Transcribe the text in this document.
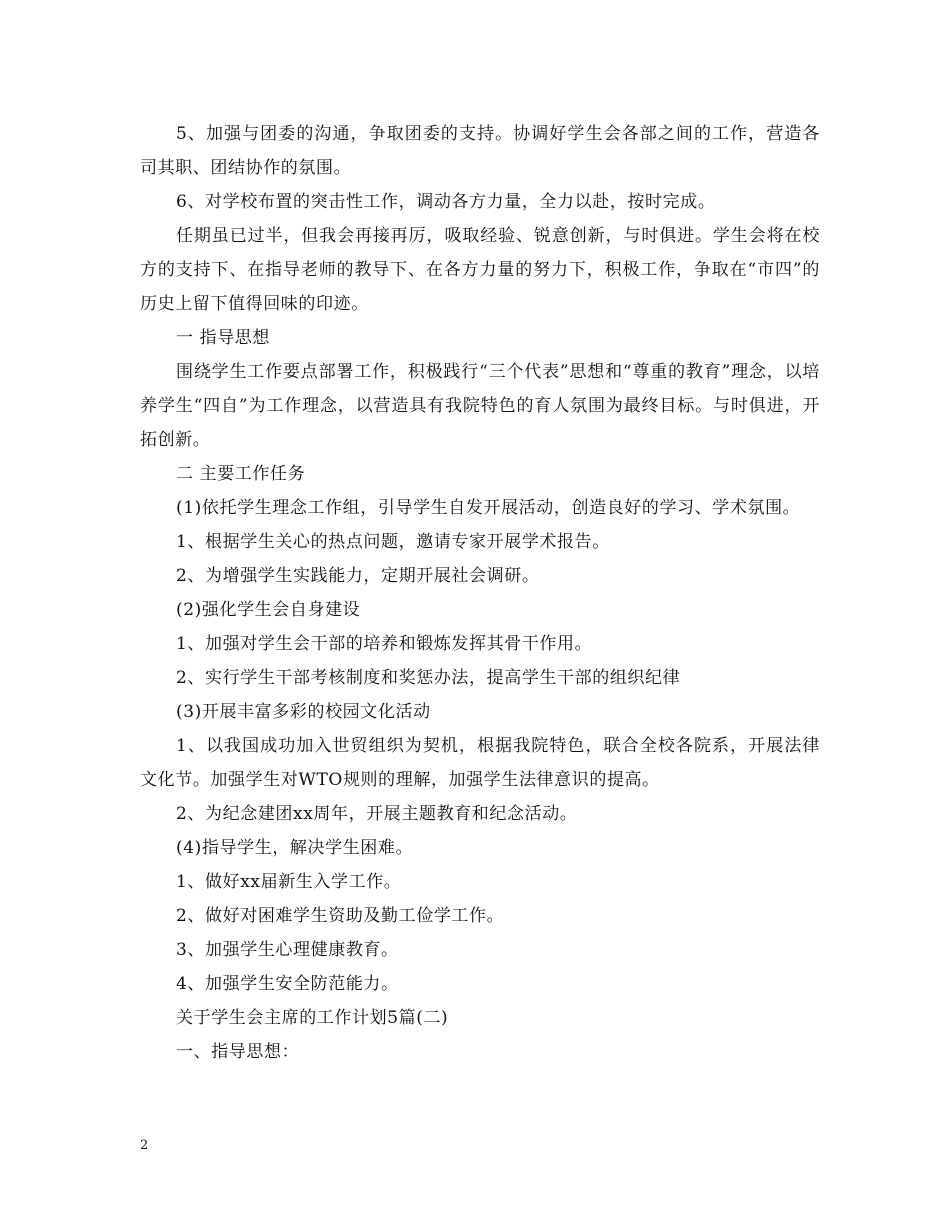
5、加强与团委的沟通，争取团委的支持。协调好学生会各部之间的工作，营造各司其职、团结协作的氛围。

6、对学校布置的突击性工作，调动各方力量，全力以赴，按时完成。

任期虽已过半，但我会再接再厉，吸取经验、锐意创新，与时俱进。学生会将在校方的支持下、在指导老师的教导下、在各方力量的努力下，积极工作，争取在“市四”的历史上留下值得回味的印迹。

一 指导思想

围绕学生工作要点部署工作，积极践行“三个代表”思想和“尊重的教育”理念，以培养学生“四自”为工作理念，以营造具有我院特色的育人氛围为最终目标。与时俱进，开拓创新。

二 主要工作任务

(1)依托学生理念工作组，引导学生自发开展活动，创造良好的学习、学术氛围。

1、根据学生关心的热点问题，邀请专家开展学术报告。

2、为增强学生实践能力，定期开展社会调研。

(2)强化学生会自身建设

1、加强对学生会干部的培养和锻炼发挥其骨干作用。

2、实行学生干部考核制度和奖惩办法，提高学生干部的组织纪律

(3)开展丰富多彩的校园文化活动

1、以我国成功加入世贸组织为契机，根据我院特色，联合全校各院系，开展法律文化节。加强学生对WTO规则的理解，加强学生法律意识的提高。

2、为纪念建团xx周年，开展主题教育和纪念活动。

(4)指导学生，解决学生困难。

1、做好xx届新生入学工作。

2、做好对困难学生资助及勤工俭学工作。

3、加强学生心理健康教育。

4、加强学生安全防范能力。

关于学生会主席的工作计划5篇(二)

一、指导思想：

2
